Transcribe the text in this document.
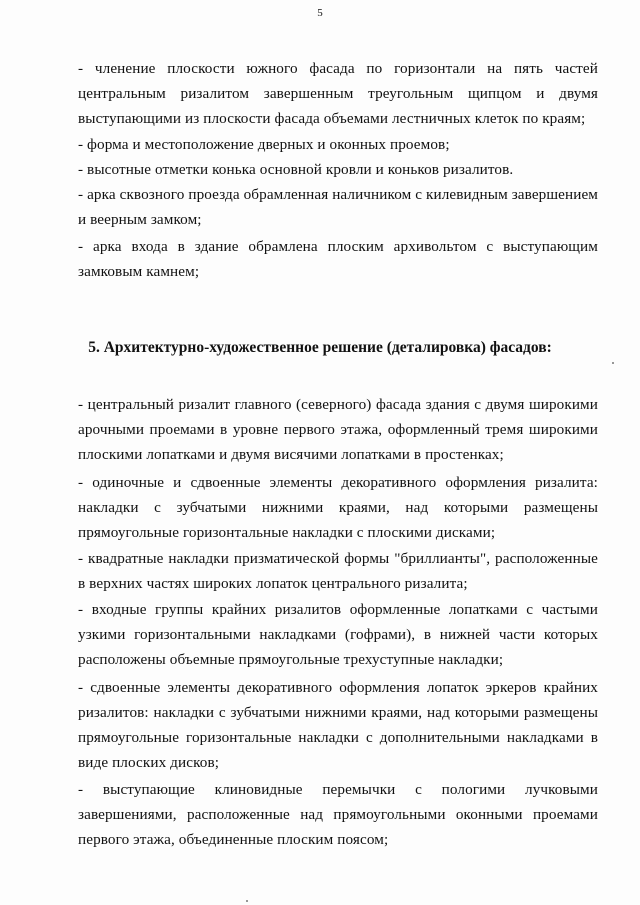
5
- членение плоскости южного фасада по горизонтали на пять частей центральным ризалитом завершенным треугольным щипцом и двумя выступающими из плоскости фасада объемами лестничных клеток по краям;
- форма и местоположение дверных и оконных проемов;
- высотные отметки конька основной кровли и коньков ризалитов.
- арка сквозного проезда обрамленная наличником с килевидным завершением и веерным замком;
- арка входа в здание обрамлена плоским архивольтом с выступающим замковым камнем;
5. Архитектурно-художественное решение (деталировка) фасадов:
- центральный ризалит главного (северного) фасада здания с двумя широкими арочными проемами в уровне первого этажа, оформленный тремя широкими плоскими лопатками и двумя висячими лопатками в простенках;
- одиночные и сдвоенные элементы декоративного оформления ризалита: накладки с зубчатыми нижними краями, над которыми размещены прямоугольные горизонтальные накладки с плоскими дисками;
- квадратные накладки призматической формы "бриллианты", расположенные в верхних частях широких лопаток центрального ризалита;
- входные группы крайних ризалитов оформленные лопатками с частыми узкими горизонтальными накладками (гофрами), в нижней части которых расположены объемные прямоугольные трехуступные накладки;
- сдвоенные элементы декоративного оформления лопаток эркеров крайних ризалитов: накладки с зубчатыми нижними краями, над которыми размещены прямоугольные горизонтальные накладки с дополнительными накладками в виде плоских дисков;
- выступающие клиновидные перемычки с пологими лучковыми завершениями, расположенные над прямоугольными оконными проемами первого этажа, объединенные плоским поясом;
